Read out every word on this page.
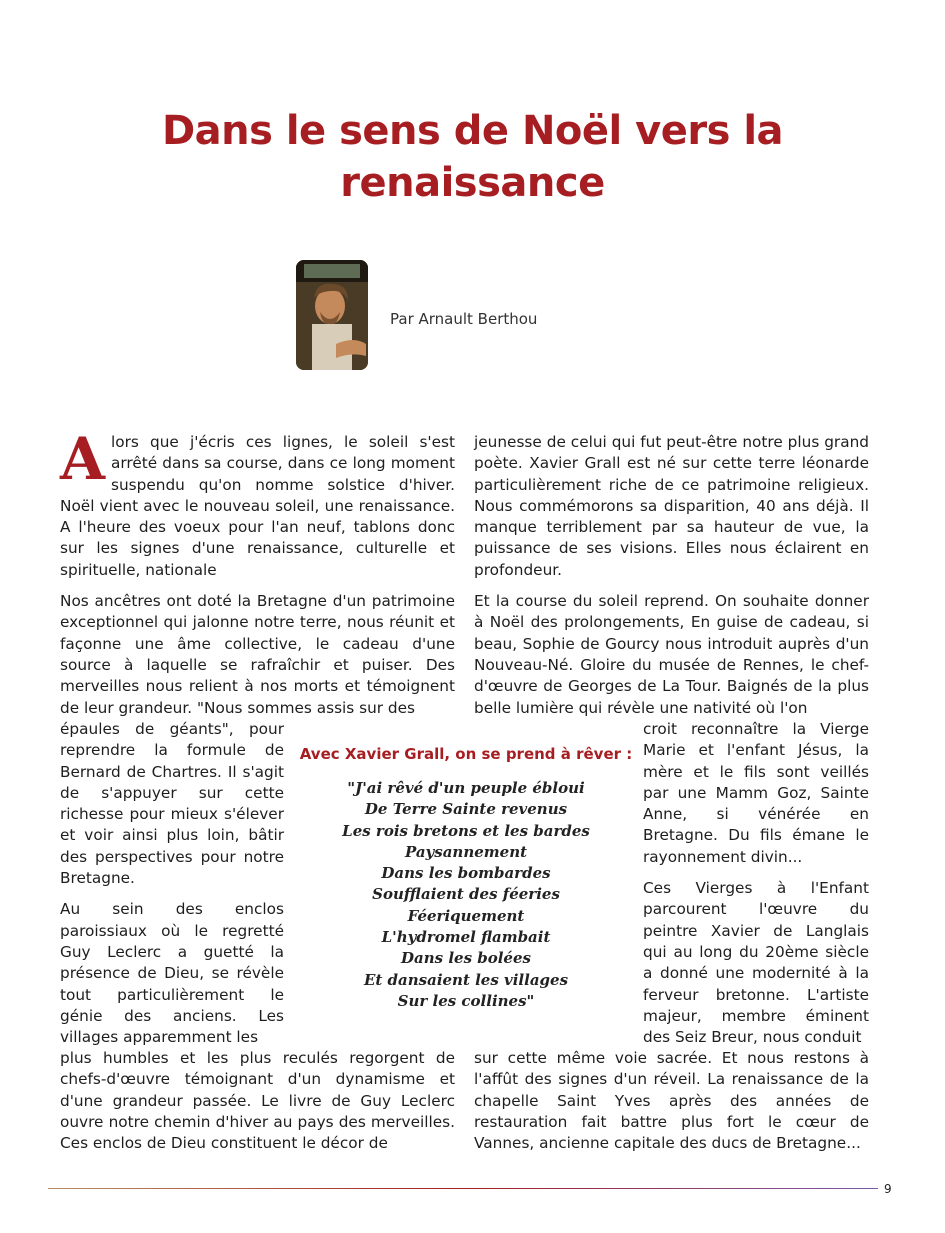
Dans le sens de Noël vers la
renaissance
Par Arnault Berthou

A lors que j'écris ces lignes, le soleil s'est arrêté dans sa course, dans ce long moment suspendu qu'on nomme solstice d'hiver. Noël vient avec le nouveau soleil, une renaissance. A l'heure des voeux pour l'an neuf, tablons donc sur les signes d'une renaissance, culturelle et spirituelle, nationale

Nos ancêtres ont doté la Bretagne d'un patrimoine exceptionnel qui jalonne notre terre, nous réunit et façonne une âme collective, le cadeau d'une source à laquelle se rafraîchir et puiser. Des merveilles nous relient à nos morts et témoignent de leur grandeur. "Nous sommes assis sur des

épaules de géants", pour reprendre la formule de Bernard de Chartres. Il s'agit de s'appuyer sur cette richesse pour mieux s'élever et voir ainsi plus loin, bâtir des perspectives pour notre Bretagne.

Au sein des enclos paroissiaux où le regretté Guy Leclerc a guetté la présence de Dieu, se révèle tout particulièrement le génie des anciens. Les villages apparemment les

plus humbles et les plus reculés regorgent de chefs-d'œuvre témoignant d'un dynamisme et d'une grandeur passée. Le livre de Guy Leclerc ouvre notre chemin d'hiver au pays des merveilles. Ces enclos de Dieu constituent le décor de

jeunesse de celui qui fut peut-être notre plus grand poète. Xavier Grall est né sur cette terre léonarde particulièrement riche de ce patrimoine religieux. Nous commémorons sa disparition, 40 ans déjà. Il manque terriblement par sa hauteur de vue, la puissance de ses visions. Elles nous éclairent en profondeur.

Et la course du soleil reprend. On souhaite donner à Noël des prolongements, En guise de cadeau, si beau, Sophie de Gourcy nous introduit auprès d'un Nouveau-Né. Gloire du musée de Rennes, le chef-d'œuvre de Georges de La Tour. Baignés de la plus belle lumière qui révèle une nativité où l'on

croit reconnaître la Vierge Marie et l'enfant Jésus, la mère et le fils sont veillés par une Mamm Goz, Sainte Anne, si vénérée en Bretagne. Du fils émane le rayonnement divin...

Ces Vierges à l'Enfant parcourent l'œuvre du peintre Xavier de Langlais qui au long du 20ème siècle a donné une modernité à la ferveur bretonne. L'artiste majeur, membre éminent des Seiz Breur, nous conduit

sur cette même voie sacrée. Et nous restons à l'affût des signes d'un réveil. La renaissance de la chapelle Saint Yves après des années de restauration fait battre plus fort le cœur de Vannes, ancienne capitale des ducs de Bretagne...

Avec Xavier Grall, on se prend à rêver :
"J'ai rêvé d'un peuple ébloui
De Terre Sainte revenus
Les rois bretons et les bardes
Paysannement
Dans les bombardes
Soufflaient des féeries
Féeriquement
L'hydromel flambait
Dans les bolées
Et dansaient les villages
Sur les collines"
9
